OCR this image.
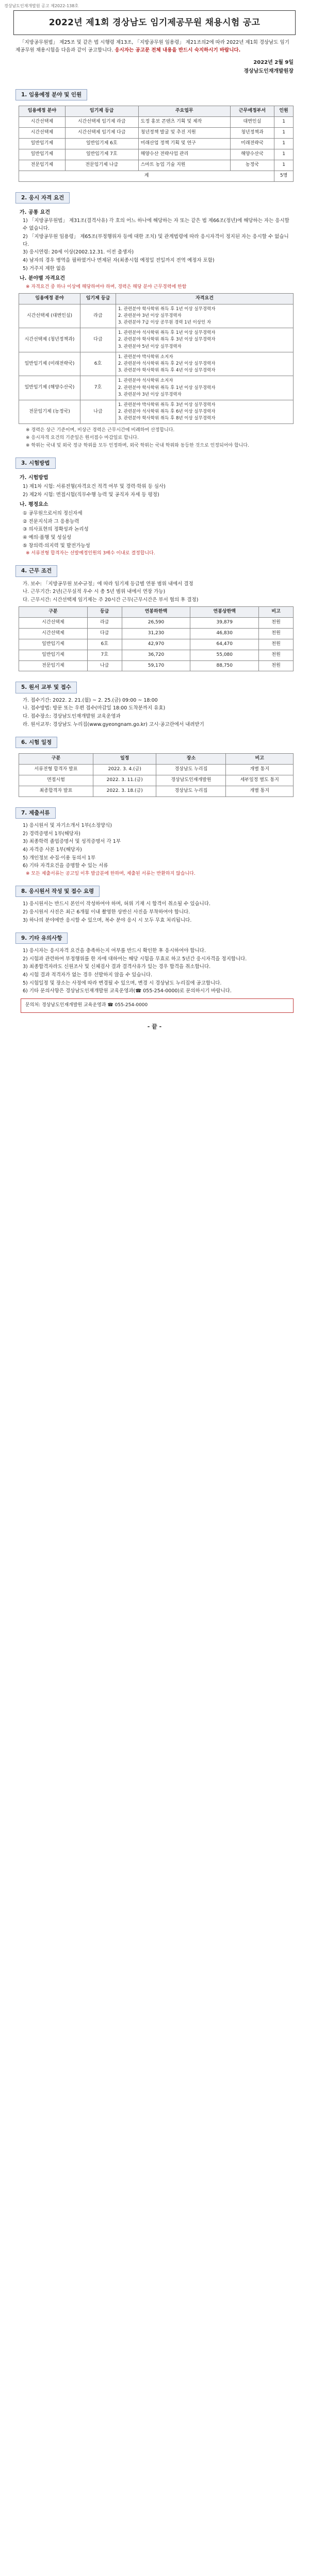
경상남도인재개발원 공고 제2022-138호
2022년 제1회 경상남도 임기제공무원 채용시험 공고
「지방공무원법」 제25조 및 같은 법 시행령 제13조, 「지방공무원 임용령」 제21조의2에 따라 2022년 제1회 경상남도 임기제공무원 채용시험을 다음과 같이 공고합니다. 응시자는 공고문 전체 내용을 반드시 숙지하시기 바랍니다.
2022년 2월 9일
경상남도인재개발원장
1. 임용예정 분야 및 인원
임용예정 분야	임기제 등급	주요업무	근무예정부서	인원
시간선택제	시간선택제 임기제 라급	도정 홍보 콘텐츠 기획 및 제작	대변인실	1
시간선택제	시간선택제 임기제 다급	청년정책 발굴 및 추진 지원	청년정책과	1
일반임기제	일반임기제 6호	미래산업 정책 기획 및 연구	미래전략국	1
일반임기제	일반임기제 7호	해양수산 전략사업 관리	해양수산국	1
전문임기제	전문임기제 나급	스마트 농업 기술 지원	농정국	1
계				5명
2. 응시 자격 요건
가. 공통 요건
1) 「지방공무원법」 제31조(결격사유) 각 호의 어느 하나에 해당하는 자 또는 같은 법 제66조(정년)에 해당하는 자는 응시할 수 없습니다.
2) 「지방공무원 임용령」 제65조(부정행위자 등에 대한 조치) 및 관계법령에 따라 응시자격이 정지된 자는 응시할 수 없습니다.
3) 응시연령: 20세 이상(2002.12.31. 이전 출생자)
4) 남자의 경우 병역을 필하였거나 면제된 자(최종시험 예정일 전일까지 전역 예정자 포함)
5) 거주지 제한 없음
나. 분야별 자격요건
※ 자격요건 중 하나 이상에 해당하여야 하며, 경력은 해당 분야 근무경력에 한함
임용예정 분야	임기제 등급	자격요건
시간선택제 (대변인실)	라급	1. 관련분야 학사학위 취득 후 1년 이상 실무경력자
2. 관련분야 3년 이상 실무경력자
3. 관련분야 7급 이상 공무원 경력 1년 이상인 자
시간선택제 (청년정책과)	다급	1. 관련분야 석사학위 취득 후 1년 이상 실무경력자
2. 관련분야 학사학위 취득 후 3년 이상 실무경력자
3. 관련분야 5년 이상 실무경력자
일반임기제 (미래전략국)	6호	1. 관련분야 박사학위 소지자
2. 관련분야 석사학위 취득 후 2년 이상 실무경력자
3. 관련분야 학사학위 취득 후 4년 이상 실무경력자
일반임기제 (해양수산국)	7호	1. 관련분야 석사학위 소지자
2. 관련분야 학사학위 취득 후 1년 이상 실무경력자
3. 관련분야 3년 이상 실무경력자
전문임기제 (농정국)	나급	1. 관련분야 박사학위 취득 후 3년 이상 실무경력자
2. 관련분야 석사학위 취득 후 6년 이상 실무경력자
3. 관련분야 학사학위 취득 후 8년 이상 실무경력자
※ 경력은 상근 기준이며, 비상근 경력은 근무시간에 비례하여 산정합니다.
※ 응시자격 요건의 기준일은 원서접수 마감일로 합니다.
※ 학위는 국내 및 외국 정규 학위를 모두 인정하며, 외국 학위는 국내 학위와 동등한 것으로 인정되어야 합니다.
3. 시험방법
가. 시험방법
1) 제1차 시험: 서류전형(자격요건 적격 여부 및 경력·학위 등 심사)
2) 제2차 시험: 면접시험(직무수행 능력 및 공직자 자세 등 평정)
나. 평정요소
① 공무원으로서의 정신자세
② 전문지식과 그 응용능력
③ 의사표현의 정확성과 논리성
④ 예의·품행 및 성실성
⑤ 창의력·의지력 및 발전가능성
※ 서류전형 합격자는 선발예정인원의 3배수 이내로 결정합니다.
4. 근무 조건
가. 보수: 「지방공무원 보수규정」에 따라 임기제 등급별 연봉 범위 내에서 결정
나. 근무기간: 2년(근무실적 우수 시 총 5년 범위 내에서 연장 가능)
다. 근무시간: 시간선택제 임기제는 주 20시간 근무(근무시간은 부서 협의 후 결정)
구분	등급	연봉하한액	연봉상한액	비고
시간선택제	라급	26,590	39,879	천원
시간선택제	다급	31,230	46,830	천원
일반임기제	6호	42,970	64,470	천원
일반임기제	7호	36,720	55,080	천원
전문임기제	나급	59,170	88,750	천원
5. 원서 교부 및 접수
가. 접수기간: 2022. 2. 21.(월) ~ 2. 25.(금) 09:00 ~ 18:00
나. 접수방법: 방문 또는 우편 접수(마감일 18:00 도착분까지 유효)
다. 접수장소: 경상남도인재개발원 교육운영과
라. 원서교부: 경상남도 누리집(www.gyeongnam.go.kr) 고시·공고란에서 내려받기
6. 시험 일정
구분	일정	장소	비고
서류전형 합격자 발표	2022. 3. 4.(금)	경상남도 누리집	개별 통지
면접시험	2022. 3. 11.(금)	경상남도인재개발원	세부일정 별도 통지
최종합격자 발표	2022. 3. 18.(금)	경상남도 누리집	개별 통지
7. 제출서류
1) 응시원서 및 자기소개서 1부(소정양식)
2) 경력증명서 1부(해당자)
3) 최종학력 졸업증명서 및 성적증명서 각 1부
4) 자격증 사본 1부(해당자)
5) 개인정보 수집·이용 동의서 1부
6) 기타 자격요건을 증명할 수 있는 서류
※ 모든 제출서류는 공고일 이후 발급분에 한하며, 제출된 서류는 반환하지 않습니다.
8. 응시원서 작성 및 접수 요령
1) 응시원서는 반드시 본인이 작성하여야 하며, 허위 기재 시 합격이 취소될 수 있습니다.
2) 응시원서 사진은 최근 6개월 이내 촬영한 상반신 사진을 부착하여야 합니다.
3) 하나의 분야에만 응시할 수 있으며, 복수 분야 응시 시 모두 무효 처리됩니다.
9. 기타 유의사항
1) 응시자는 응시자격 요건을 충족하는지 여부를 반드시 확인한 후 응시하여야 합니다.
2) 시험과 관련하여 부정행위를 한 자에 대하여는 해당 시험을 무효로 하고 5년간 응시자격을 정지합니다.
3) 최종합격자라도 신원조사 및 신체검사 결과 결격사유가 있는 경우 합격을 취소합니다.
4) 시험 결과 적격자가 없는 경우 선발하지 않을 수 있습니다.
5) 시험일정 및 장소는 사정에 따라 변경될 수 있으며, 변경 시 경상남도 누리집에 공고합니다.
6) 기타 문의사항은 경상남도인재개발원 교육운영과(☎ 055-254-0000)로 문의하시기 바랍니다.
문의처: 경상남도인재개발원 교육운영과 ☎ 055-254-0000
- 끝 -
